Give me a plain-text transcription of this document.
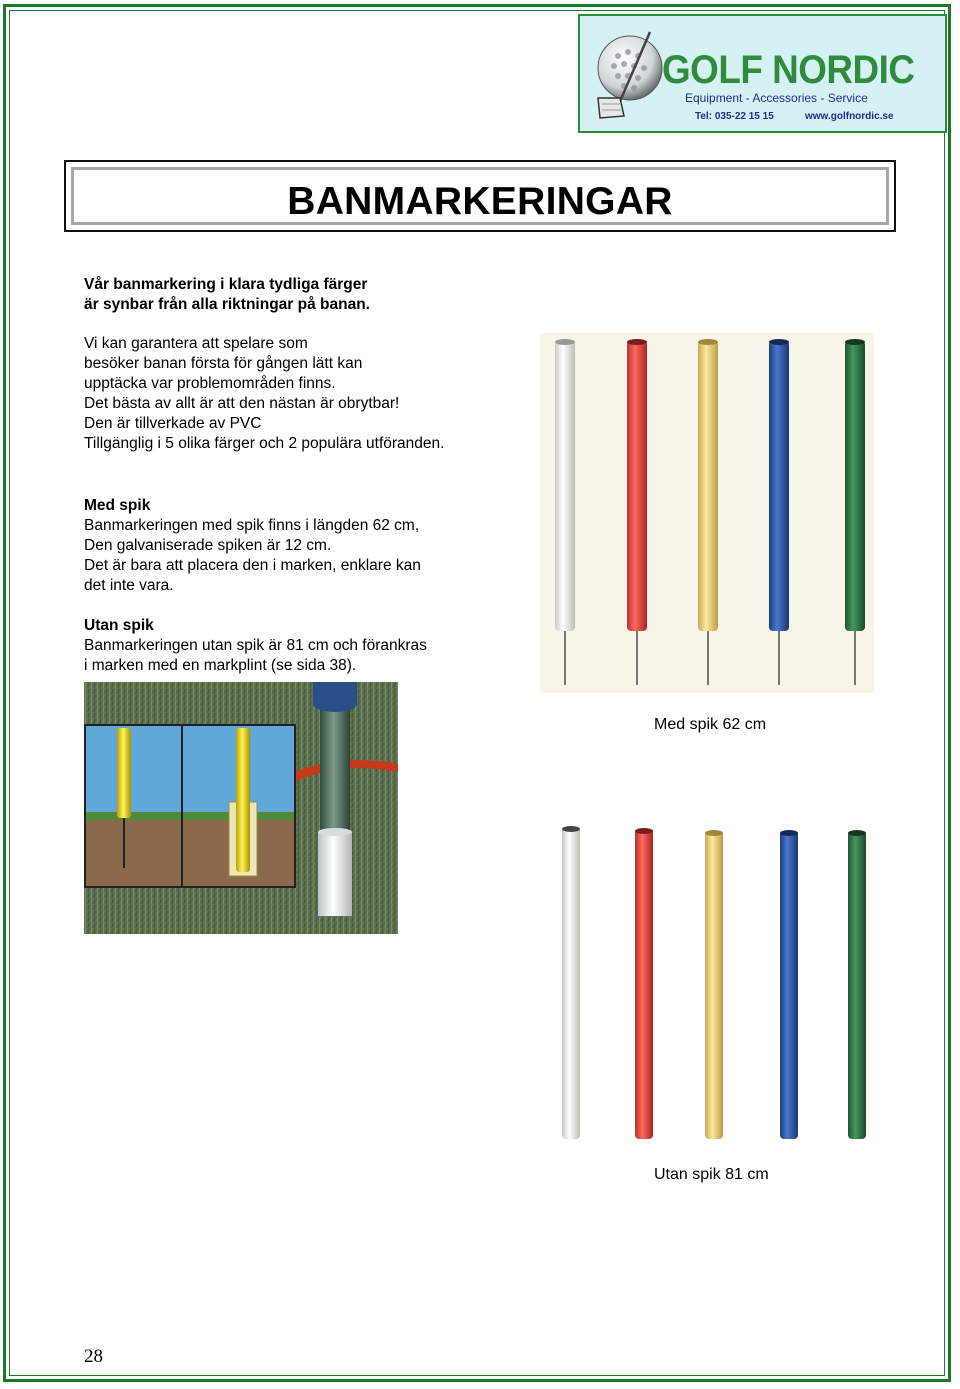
GOLF NORDIC
Equipment - Accessories - Service
Tel: 035-22 15 15	www.golfnordic.se
BANMARKERINGAR

Vår banmarkering i klara tydliga färger

är synbar från alla riktningar på banan.

Vi kan garantera att spelare som

besöker banan första för gången lätt kan

upptäcka var problemområden finns.

Det bästa av allt är att den nästan är obrytbar!

Den är tillverkade av PVC

Tillgänglig i 5 olika färger och 2 populära utföranden.

Med spik

Banmarkeringen med spik finns i längden 62 cm,

Den galvaniserade spiken är 12 cm.

Det är bara att placera den i marken, enklare kan

det inte vara.

Utan spik

Banmarkeringen utan spik är 81 cm och förankras

i marken med en markplint (se sida 38).

Med spik 62 cm
Utan spik 81 cm
28
